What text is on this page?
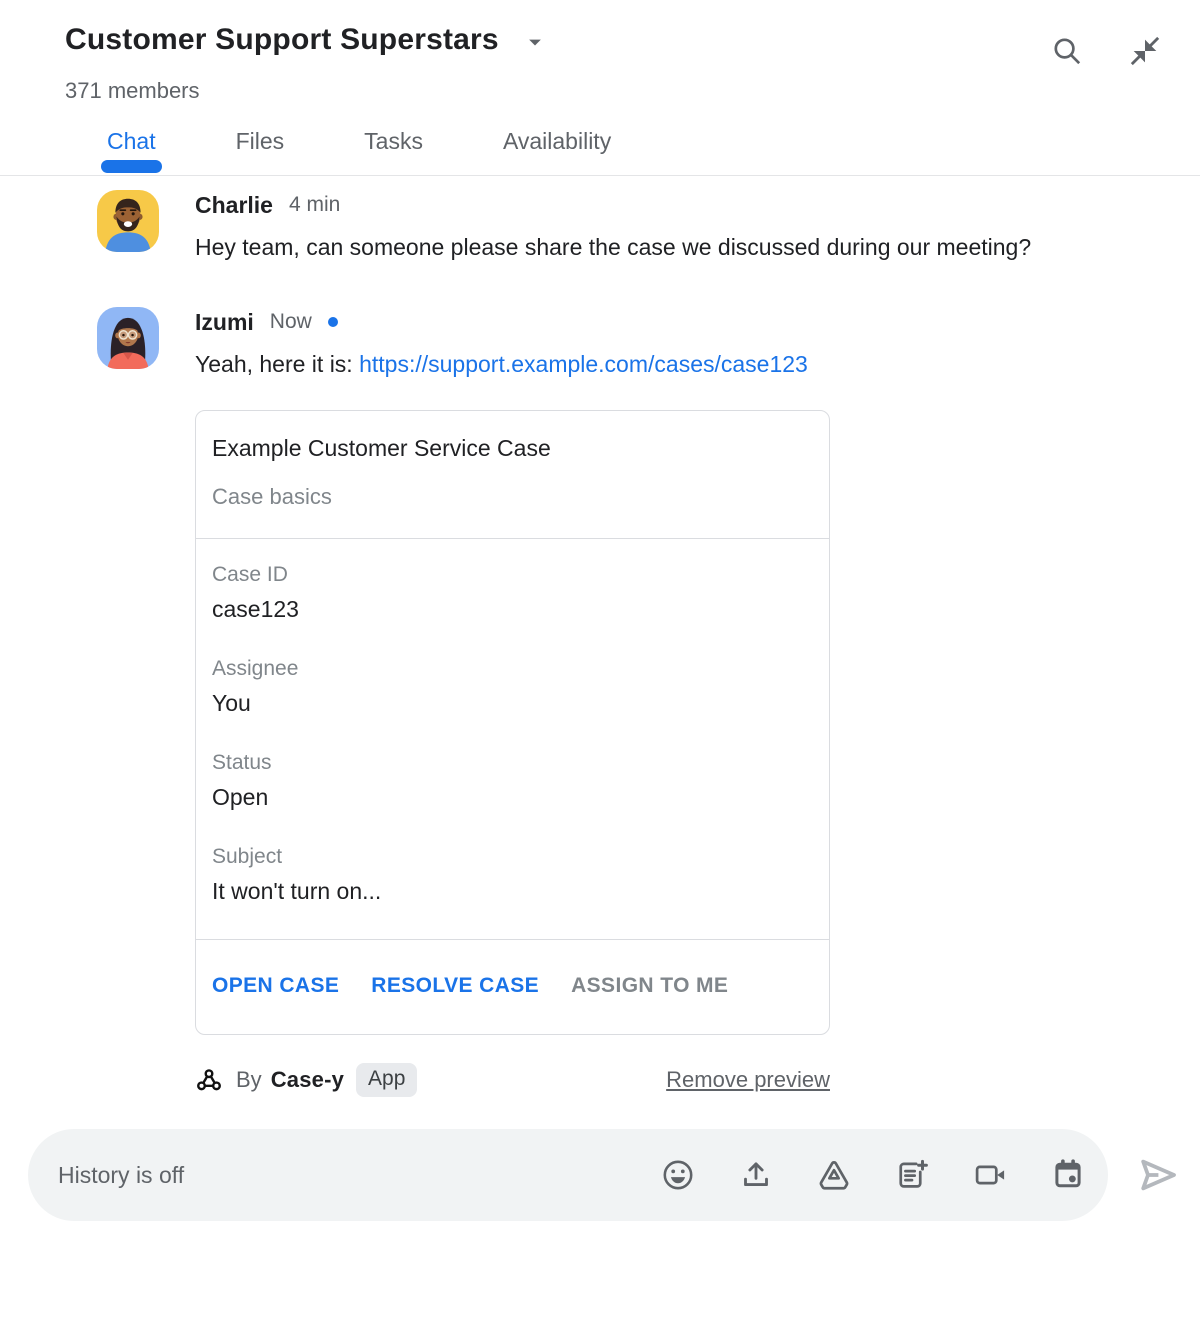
Customer Support Superstars
371 members
Chat	Files	Tasks	Availability
Charlie 4 min
Hey team, can someone please share the case we discussed during our meeting?
Izumi Now
Yeah, here it is: https://support.example.com/cases/case123
Example Customer Service Case
Case basics
Case ID
case123
Assignee
You
Status
Open
Subject
It won't turn on...
OPEN CASE RESOLVE CASE ASSIGN TO ME
By Case-y	App	Remove preview
History is off
